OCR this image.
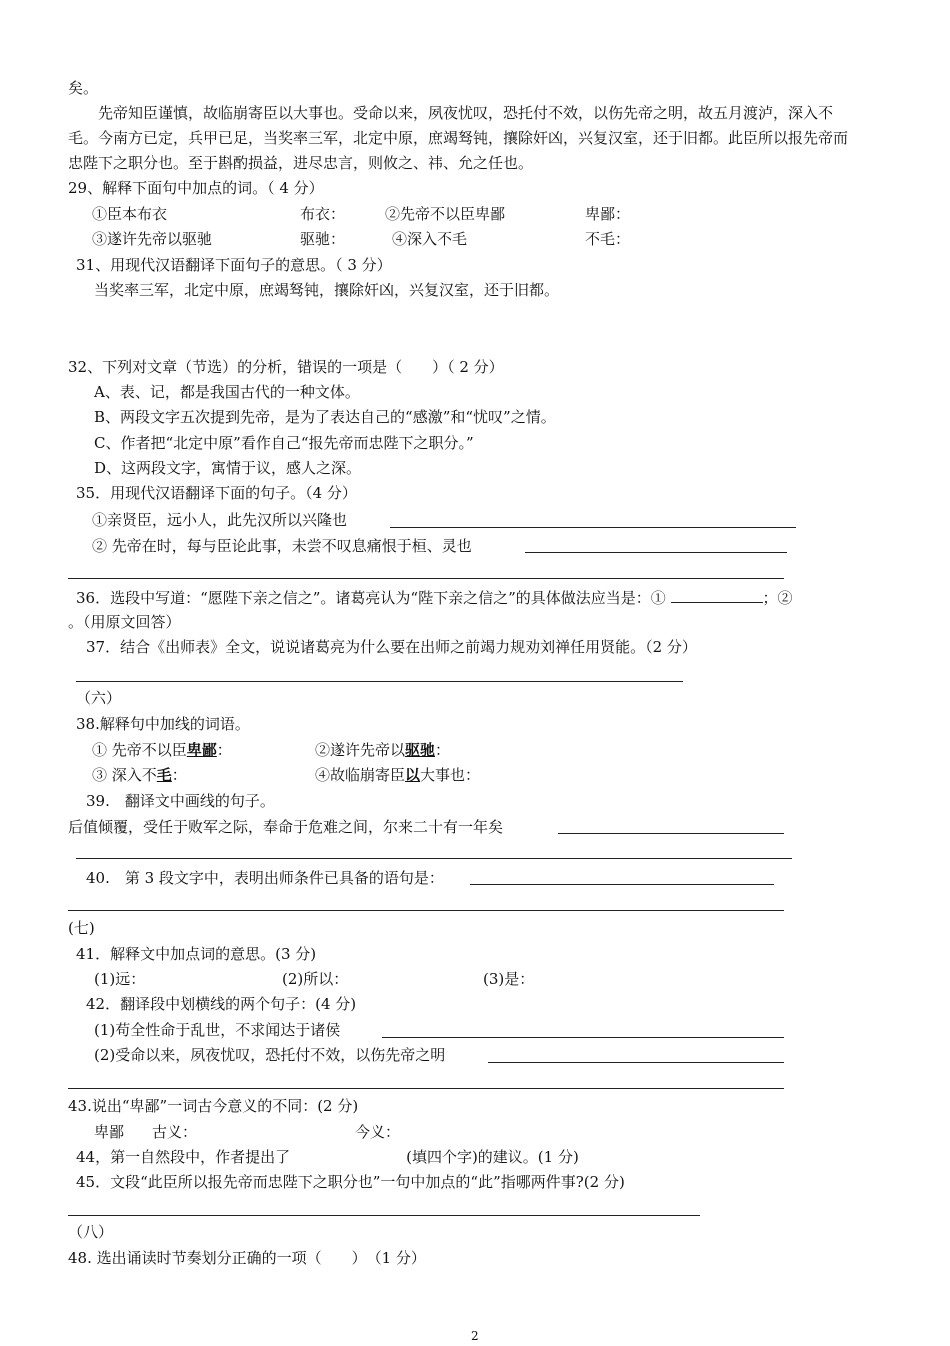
矣。
先帝知臣谨慎，故临崩寄臣以大事也。受命以来，夙夜忧叹，恐托付不效，以伤先帝之明，故五月渡泸，深入不
毛。今南方已定，兵甲已足，当奖率三军，北定中原，庶竭驽钝，攘除奸凶，兴复汉室，还于旧都。此臣所以报先帝而
忠陛下之职分也。至于斟酌损益，进尽忠言，则攸之、祎、允之任也。
29、解释下面句中加点的词。（ 4 分）
①臣本布衣	布衣：	②先帝不以臣卑鄙	卑鄙：
③遂许先帝以驱驰	驱驰：	④深入不毛	不毛：
31、用现代汉语翻译下面句子的意思。（ 3 分）
当奖率三军，北定中原，庶竭驽钝，攘除奸凶，兴复汉室，还于旧都。
32、下列对文章（节选）的分析，错误的一项是（　　）（ 2 分）
A、表、记，都是我国古代的一种文体。
B、两段文字五次提到先帝，是为了表达自己的“感激”和“忧叹”之情。
C、作者把“北定中原”看作自己“报先帝而忠陛下之职分。”
D、这两段文字，寓情于议，感人之深。
35．用现代汉语翻译下面的句子。（4 分）
①亲贤臣，远小人，此先汉所以兴隆也
② 先帝在时，每与臣论此事，未尝不叹息痛恨于桓、灵也
36．选段中写道：“愿陛下亲之信之”。诸葛亮认为“陛下亲之信之”的具体做法应当是：①	；②
。（用原文回答）
37．结合《出师表》全文，说说诸葛亮为什么要在出师之前竭力规劝刘禅任用贤能。（2 分）
（六）
38.解释句中加线的词语。
① 先帝不以臣卑鄙：	②遂许先帝以驱驰：
③ 深入不毛：	④故临崩寄臣以大事也：
39.　翻译文中画线的句子。
后值倾覆，受任于败军之际，奉命于危难之间，尔来二十有一年矣
40.　第 3 段文字中，表明出师条件已具备的语句是：
(七)
41．解释文中加点词的意思。(3 分)
(1)远：	(2)所以：	(3)是：
42．翻译段中划横线的两个句子：(4 分)
(1)苟全性命于乱世，不求闻达于诸侯
(2)受命以来，夙夜忧叹，恐托付不效，以伤先帝之明
43.说出“卑鄙”一词古今意义的不同：(2 分)
卑鄙 古义：	今义：
44，第一自然段中，作者提出了	(填四个字)的建议。(1 分)
45．文段“此臣所以报先帝而忠陛下之职分也”一句中加点的“此”指哪两件事?(2 分)
（八）
48. 选出诵读时节奏划分正确的一项（　　）　（1 分）
2
